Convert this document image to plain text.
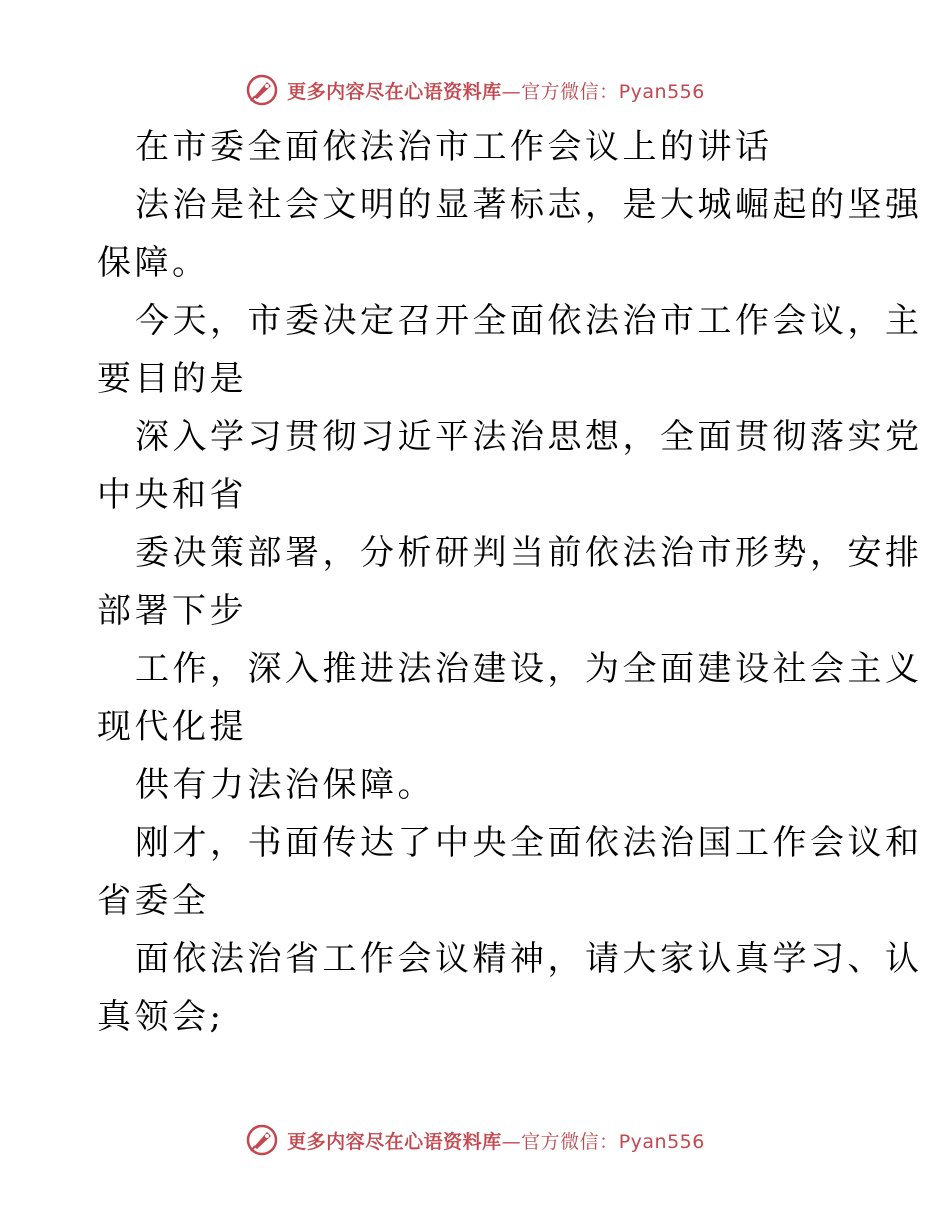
更多内容尽在心语资料库—官方微信：Pyan556
在市委全面依法治市工作会议上的讲话
法治是社会文明的显著标志，是大城崛起的坚强
保障。
今天，市委决定召开全面依法治市工作会议，主
要目的是
深入学习贯彻习近平法治思想，全面贯彻落实党
中央和省
委决策部署，分析研判当前依法治市形势，安排
部署下步
工作，深入推进法治建设，为全面建设社会主义
现代化提
供有力法治保障。
刚才，书面传达了中央全面依法治国工作会议和
省委全
面依法治省工作会议精神，请大家认真学习、认
真领会;
更多内容尽在心语资料库—官方微信：Pyan556
